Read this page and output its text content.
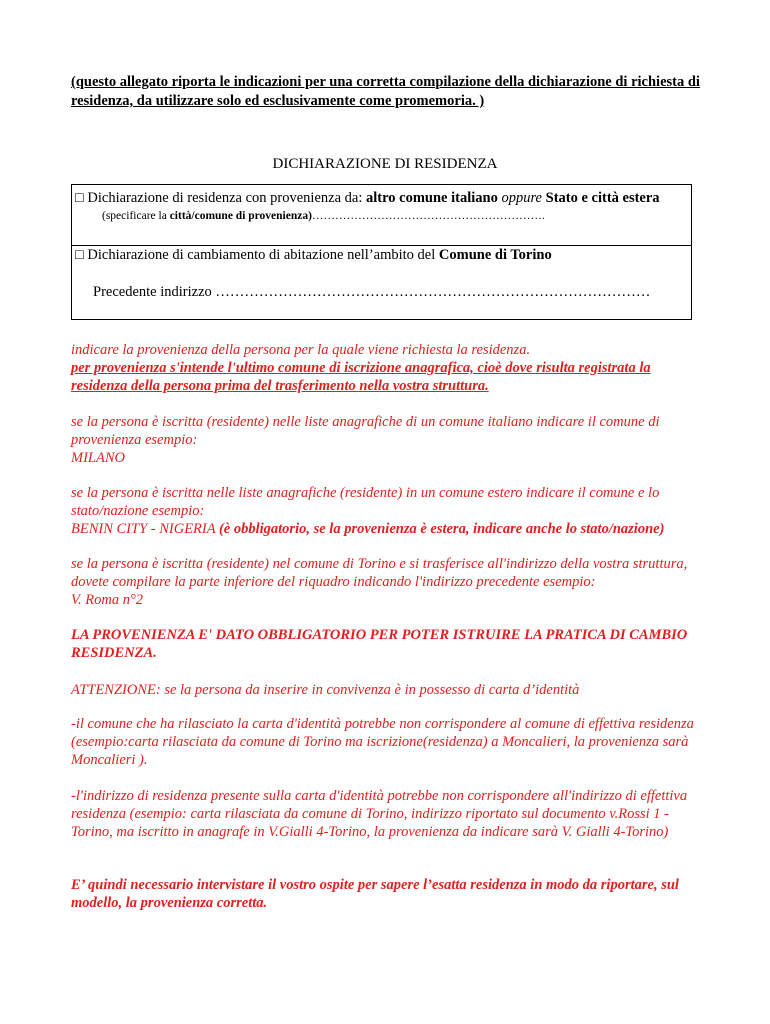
(questo allegato riporta le indicazioni per una corretta compilazione della dichiarazione di richiesta di residenza, da utilizzare solo ed esclusivamente come promemoria. )
DICHIARAZIONE DI RESIDENZA
□ Dichiarazione di residenza con provenienza da: altro comune italiano oppure Stato e città estera
(specificare la città/comune di provenienza)…………………………………………………….
□ Dichiarazione di cambiamento di abitazione nell’ambito del Comune di Torino
Precedente indirizzo ………………………………………………………………………………

indicare la provenienza della persona per la quale viene richiesta la residenza.

per provenienza s'intende l'ultimo comune di iscrizione anagrafica, cioè dove risulta registrata la residenza della persona prima del trasferimento nella vostra struttura.

se la persona è iscritta (residente) nelle liste anagrafiche di un comune italiano indicare il comune di provenienza esempio:

MILANO

se la persona è iscritta nelle liste anagrafiche (residente) in un comune estero indicare il comune e lo stato/nazione esempio:

BENIN CITY - NIGERIA (è obbligatorio, se la provenienza è estera, indicare anche lo stato/nazione)

se la persona è iscritta (residente) nel comune di Torino e si trasferisce all'indirizzo della vostra struttura, dovete compilare la parte inferiore del riquadro indicando l'indirizzo precedente esempio:

V. Roma n°2

LA PROVENIENZA E' DATO OBBLIGATORIO PER POTER ISTRUIRE LA PRATICA DI CAMBIO RESIDENZA.
ATTENZIONE: se la persona da inserire in convivenza è in possesso di carta d’identità
-il comune che ha rilasciato la carta d'identità potrebbe non corrispondere al comune di effettiva residenza (esempio:carta rilasciata da comune di Torino ma iscrizione(residenza) a Moncalieri, la provenienza sarà Moncalieri ).
-l'indirizzo di residenza presente sulla carta d'identità potrebbe non corrispondere all'indirizzo di effettiva residenza (esempio: carta rilasciata da comune di Torino, indirizzo riportato sul documento v.Rossi 1 -Torino, ma iscritto in anagrafe in V.Gialli 4-Torino, la provenienza da indicare sarà V. Gialli 4-Torino)
E’ quindi necessario intervistare il vostro ospite per sapere l’esatta residenza in modo da riportare, sul modello, la provenienza corretta.
